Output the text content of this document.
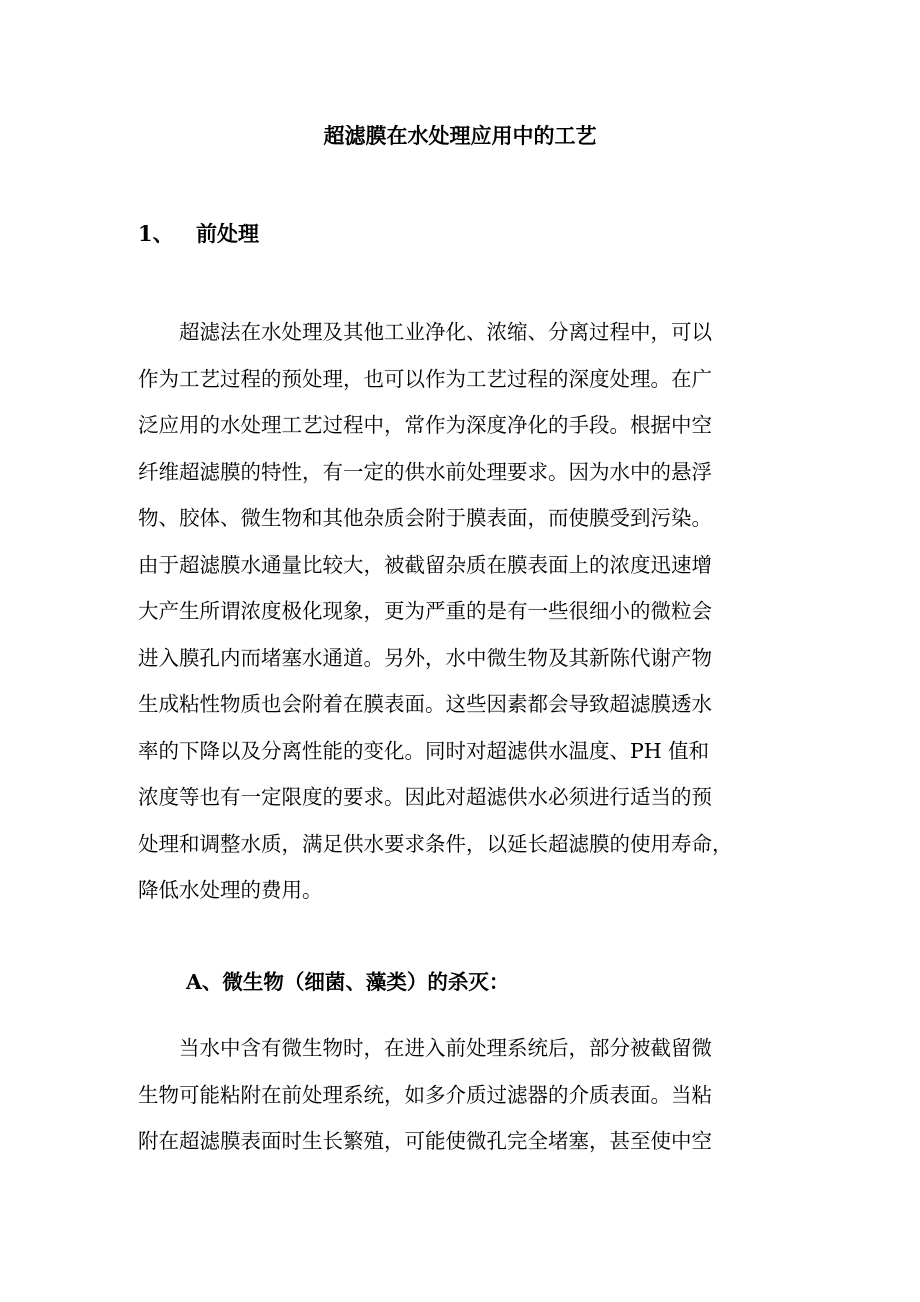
超滤膜在水处理应用中的工艺
1、 前处理
　　超滤法在水处理及其他工业净化、浓缩、分离过程中，可以
作为工艺过程的预处理，也可以作为工艺过程的深度处理。在广
泛应用的水处理工艺过程中，常作为深度净化的手段。根据中空
纤维超滤膜的特性，有一定的供水前处理要求。因为水中的悬浮
物、胶体、微生物和其他杂质会附于膜表面，而使膜受到污染。
由于超滤膜水通量比较大，被截留杂质在膜表面上的浓度迅速增
大产生所谓浓度极化现象，更为严重的是有一些很细小的微粒会
进入膜孔内而堵塞水通道。另外，水中微生物及其新陈代谢产物
生成粘性物质也会附着在膜表面。这些因素都会导致超滤膜透水
率的下降以及分离性能的变化。同时对超滤供水温度、PH 值和
浓度等也有一定限度的要求。因此对超滤供水必须进行适当的预
处理和调整水质，满足供水要求条件，以延长超滤膜的使用寿命，
降低水处理的费用。
A、微生物（细菌、藻类）的杀灭：
　　当水中含有微生物时，在进入前处理系统后，部分被截留微
生物可能粘附在前处理系统，如多介质过滤器的介质表面。当粘
附在超滤膜表面时生长繁殖，可能使微孔完全堵塞，甚至使中空
